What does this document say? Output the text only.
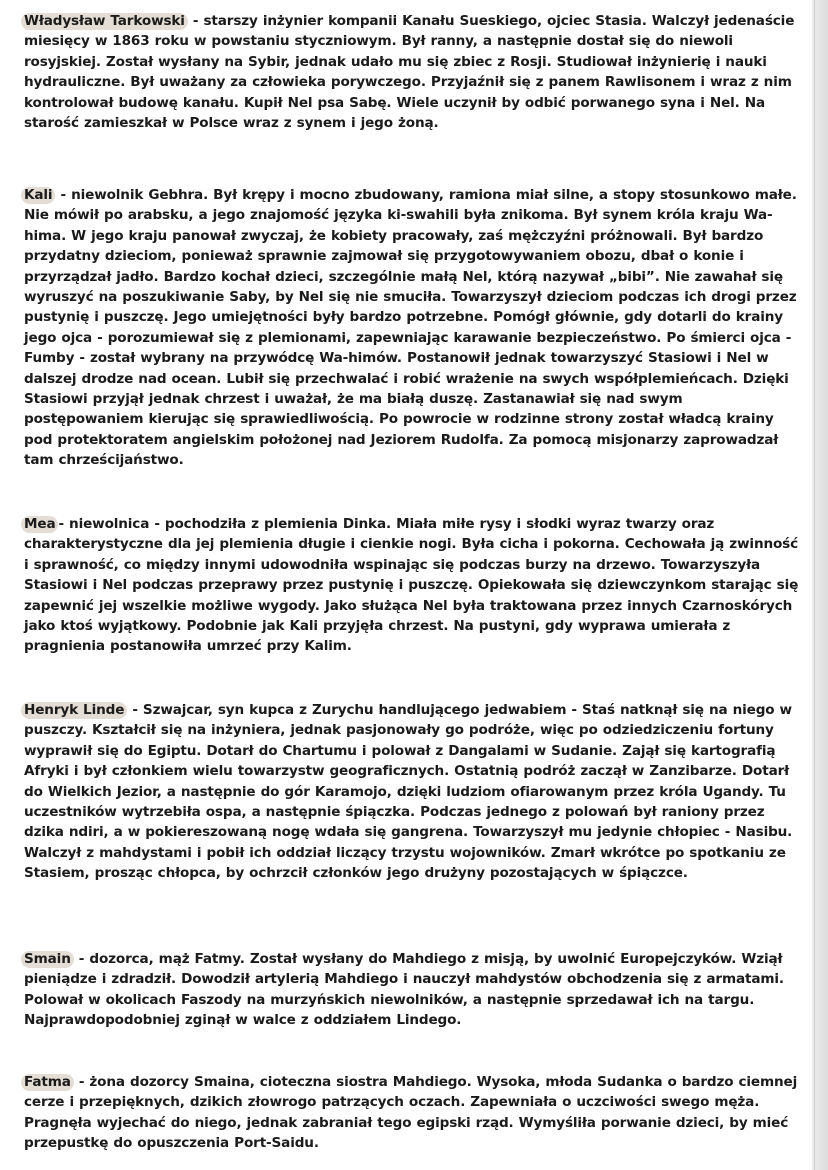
Władysław Tarkowski - starszy inżynier kompanii Kanału Sueskiego, ojciec Stasia. Walczył jedenaście miesięcy w 1863 roku w powstaniu styczniowym. Był ranny, a następnie dostał się do niewoli rosyjskiej. Został wysłany na Sybir, jednak udało mu się zbiec z Rosji. Studiował inżynierię i nauki hydrauliczne. Był uważany za człowieka porywczego. Przyjaźnił się z panem Rawlisonem i wraz z nim kontrolował budowę kanału. Kupił Nel psa Sabę. Wiele uczynił by odbić porwanego syna i Nel. Na starość zamieszkał w Polsce wraz z synem i jego żoną.

Kali - niewolnik Gebhra. Był krępy i mocno zbudowany, ramiona miał silne, a stopy stosunkowo małe. Nie mówił po arabsku, a jego znajomość języka ki-swahili była znikoma. Był synem króla kraju Wa-hima. W jego kraju panował zwyczaj, że kobiety pracowały, zaś mężczyźni próżnowali. Był bardzo przydatny dzieciom, ponieważ sprawnie zajmował się przygotowywaniem obozu, dbał o konie i przyrządzał jadło. Bardzo kochał dzieci, szczególnie małą Nel, którą nazywał „bibi”. Nie zawahał się wyruszyć na poszukiwanie Saby, by Nel się nie smuciła. Towarzyszył dzieciom podczas ich drogi przez pustynię i puszczę. Jego umiejętności były bardzo potrzebne. Pomógł głównie, gdy dotarli do krainy jego ojca - porozumiewał się z plemionami, zapewniając karawanie bezpieczeństwo. Po śmierci ojca - Fumby - został wybrany na przywódcę Wa-himów. Postanowił jednak towarzyszyć Stasiowi i Nel w dalszej drodze nad ocean. Lubił się przechwalać i robić wrażenie na swych współplemieńcach. Dzięki Stasiowi przyjął jednak chrzest i uważał, że ma białą duszę. Zastanawiał się nad swym postępowaniem kierując się sprawiedliwością. Po powrocie w rodzinne strony został władcą krainy pod protektoratem angielskim położonej nad Jeziorem Rudolfa. Za pomocą misjonarzy zaprowadzał tam chrześcijaństwo.

Mea - niewolnica - pochodziła z plemienia Dinka. Miała miłe rysy i słodki wyraz twarzy oraz charakterystyczne dla jej plemienia długie i cienkie nogi. Była cicha i pokorna. Cechowała ją zwinność i sprawność, co między innymi udowodniła wspinając się podczas burzy na drzewo. Towarzyszyła Stasiowi i Nel podczas przeprawy przez pustynię i puszczę. Opiekowała się dziewczynkom starając się zapewnić jej wszelkie możliwe wygody. Jako służąca Nel była traktowana przez innych Czarnoskórych jako ktoś wyjątkowy. Podobnie jak Kali przyjęła chrzest. Na pustyni, gdy wyprawa umierała z pragnienia postanowiła umrzeć przy Kalim.

Henryk Linde - Szwajcar, syn kupca z Zurychu handlującego jedwabiem - Staś natknął się na niego w puszczy. Kształcił się na inżyniera, jednak pasjonowały go podróże, więc po odziedziczeniu fortuny wyprawił się do Egiptu. Dotarł do Chartumu i polował z Dangalami w Sudanie. Zajął się kartografią Afryki i był członkiem wielu towarzystw geograficznych. Ostatnią podróż zaczął w Zanzibarze. Dotarł do Wielkich Jezior, a następnie do gór Karamojo, dzięki ludziom ofiarowanym przez króla Ugandy. Tu uczestników wytrzebiła ospa, a następnie śpiączka. Podczas jednego z polowań był raniony przez dzika ndiri, a w pokiereszowaną nogę wdała się gangrena. Towarzyszył mu jedynie chłopiec - Nasibu. Walczył z mahdystami i pobił ich oddział liczący trzystu wojowników. Zmarł wkrótce po spotkaniu ze Stasiem, prosząc chłopca, by ochrzcił członków jego drużyny pozostających w śpiączce.

Smain - dozorca, mąż Fatmy. Został wysłany do Mahdiego z misją, by uwolnić Europejczyków. Wziął pieniądze i zdradził. Dowodził artylerią Mahdiego i nauczył mahdystów obchodzenia się z armatami. Polował w okolicach Faszody na murzyńskich niewolników, a następnie sprzedawał ich na targu. Najprawdopodobniej zginął w walce z oddziałem Lindego.

Fatma - żona dozorcy Smaina, cioteczna siostra Mahdiego. Wysoka, młoda Sudanka o bardzo ciemnej cerze i przepięknych, dzikich złowrogo patrzących oczach. Zapewniała o uczciwości swego męża. Pragnęła wyjechać do niego, jednak zabraniał tego egipski rząd. Wymyśliła porwanie dzieci, by mieć przepustkę do opuszczenia Port-Saidu.
